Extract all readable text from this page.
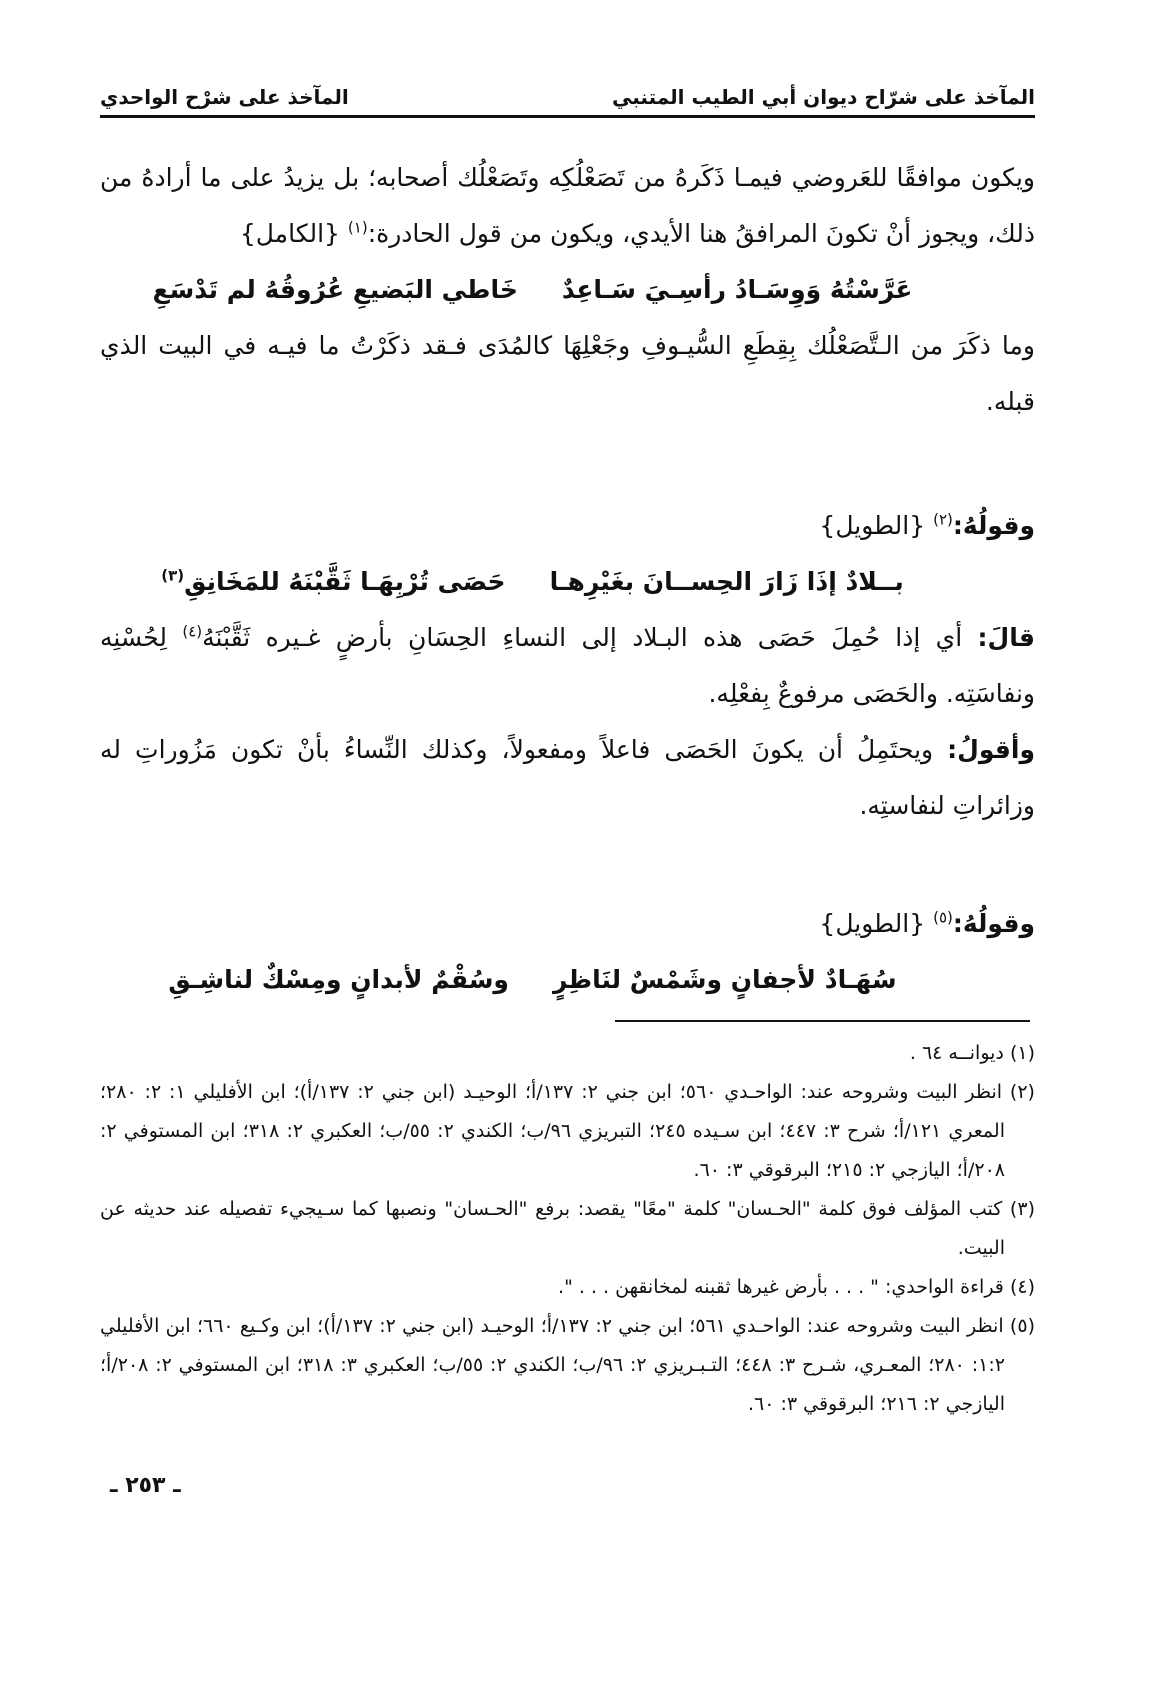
المآخذ على شرّاح ديوان أبي الطيب المتنبي
المآخذ على شرْح الواحدي

ويكون موافقًا للعَروضي فيمـا ذَكَرهُ من تَصَعْلُكِه وتَصَعْلُك أصحابه؛ بل يزيدُ على ما أرادهُ من ذلك، ويجوز أنْ تكونَ المرافقُ هنا الأيدي، ويكون من قول الحادرة:$^{(١)}$ {الكامل}

عَرَّسْتُهُ وَوِسَـادُ رأسِـيَ سَـاعِدٌ
خَاطي البَضيعِ عُرُوقُهُ لم تَدْسَعِ

وما ذكَرَ من الـتَّصَعْلُك بِقِطَعِ السُّيـوفِ وجَعْلِهَا كالمُدَى فـقد ذكَرْتُ ما فيـه في البيت الذي قبله.

وقولُهُ:$^{(٢)}$ {الطويل}

بــلادٌ إذَا زَارَ الحِســانَ بغَيْرِهـا
حَصَى تُرْبِهَـا ثَقَّبْنَهُ للمَخَانِقِ$^{(٣)}$

قالَ: أي إذا حُمِلَ حَصَى هذه البـلاد إلى النساءِ الحِسَانِ بأرضٍ غـيره ثَقَّبْنَهُ$^{(٤)}$ لِحُسْنِه ونفاسَتِه. والحَصَى مرفوعٌ بِفعْلِه.

وأقولُ: ويحتَمِلُ أن يكونَ الحَصَى فاعلاً ومفعولاً، وكذلك النِّساءُ بأنْ تكون مَزُوراتِ له وزائراتِ لنفاستِه.

وقولُهُ:$^{(٥)}$ {الطويل}

سُهَـادٌ لأجفانٍ وشَمْسٌ لنَاظِرٍ
وسُقْمٌ لأبدانٍ ومِسْكٌ لناشِـقِ
(١) ديوانــه ٦٤ .
(٢) انظر البيت وشروحه عند: الواحـدي ٥٦٠؛ ابن جني ٢: ١٣٧/أ؛ الوحيـد (ابن جني ٢: ١٣٧/أ)؛ ابن الأفليلي ١: ٢: ٢٨٠؛ المعري ١٢١/أ؛ شرح ٣: ٤٤٧؛ ابن سـيده ٢٤٥؛ التبريزي ٩٦/ب؛ الكندي ٢: ٥٥/ب؛ العكبري ٢: ٣١٨؛ ابن المستوفي ٢: ٢٠٨/أ؛ اليازجي ٢: ٢١٥؛ البرقوقي ٣: ٦٠.
(٣) كتب المؤلف فوق كلمة "الحـسان" كلمة "معًا" يقصد: برفع "الحـسان" ونصبها كما سـيجيء تفصيله عند حديثه عن البيت.
(٤) قراءة الواحدي: " . . . بأرض غيرها ثقبنه لمخانقهن . . . ".
(٥) انظر البيت وشروحه عند: الواحـدي ٥٦١؛ ابن جني ٢: ١٣٧/أ؛ الوحيـد (ابن جني ٢: ١٣٧/أ)؛ ابن وكـيع ٦٦٠؛ ابن الأفليلي ١:٢: ٢٨٠؛ المعـري، شـرح ٣: ٤٤٨؛ التـبـريزي ٢: ٩٦/ب؛ الكندي ٢: ٥٥/ب؛ العكبري ٣: ٣١٨؛ ابن المستوفي ٢: ٢٠٨/أ؛ اليازجي ٢: ٢١٦؛ البرقوقي ٣: ٦٠.
ـ ٢٥٣ ـ
